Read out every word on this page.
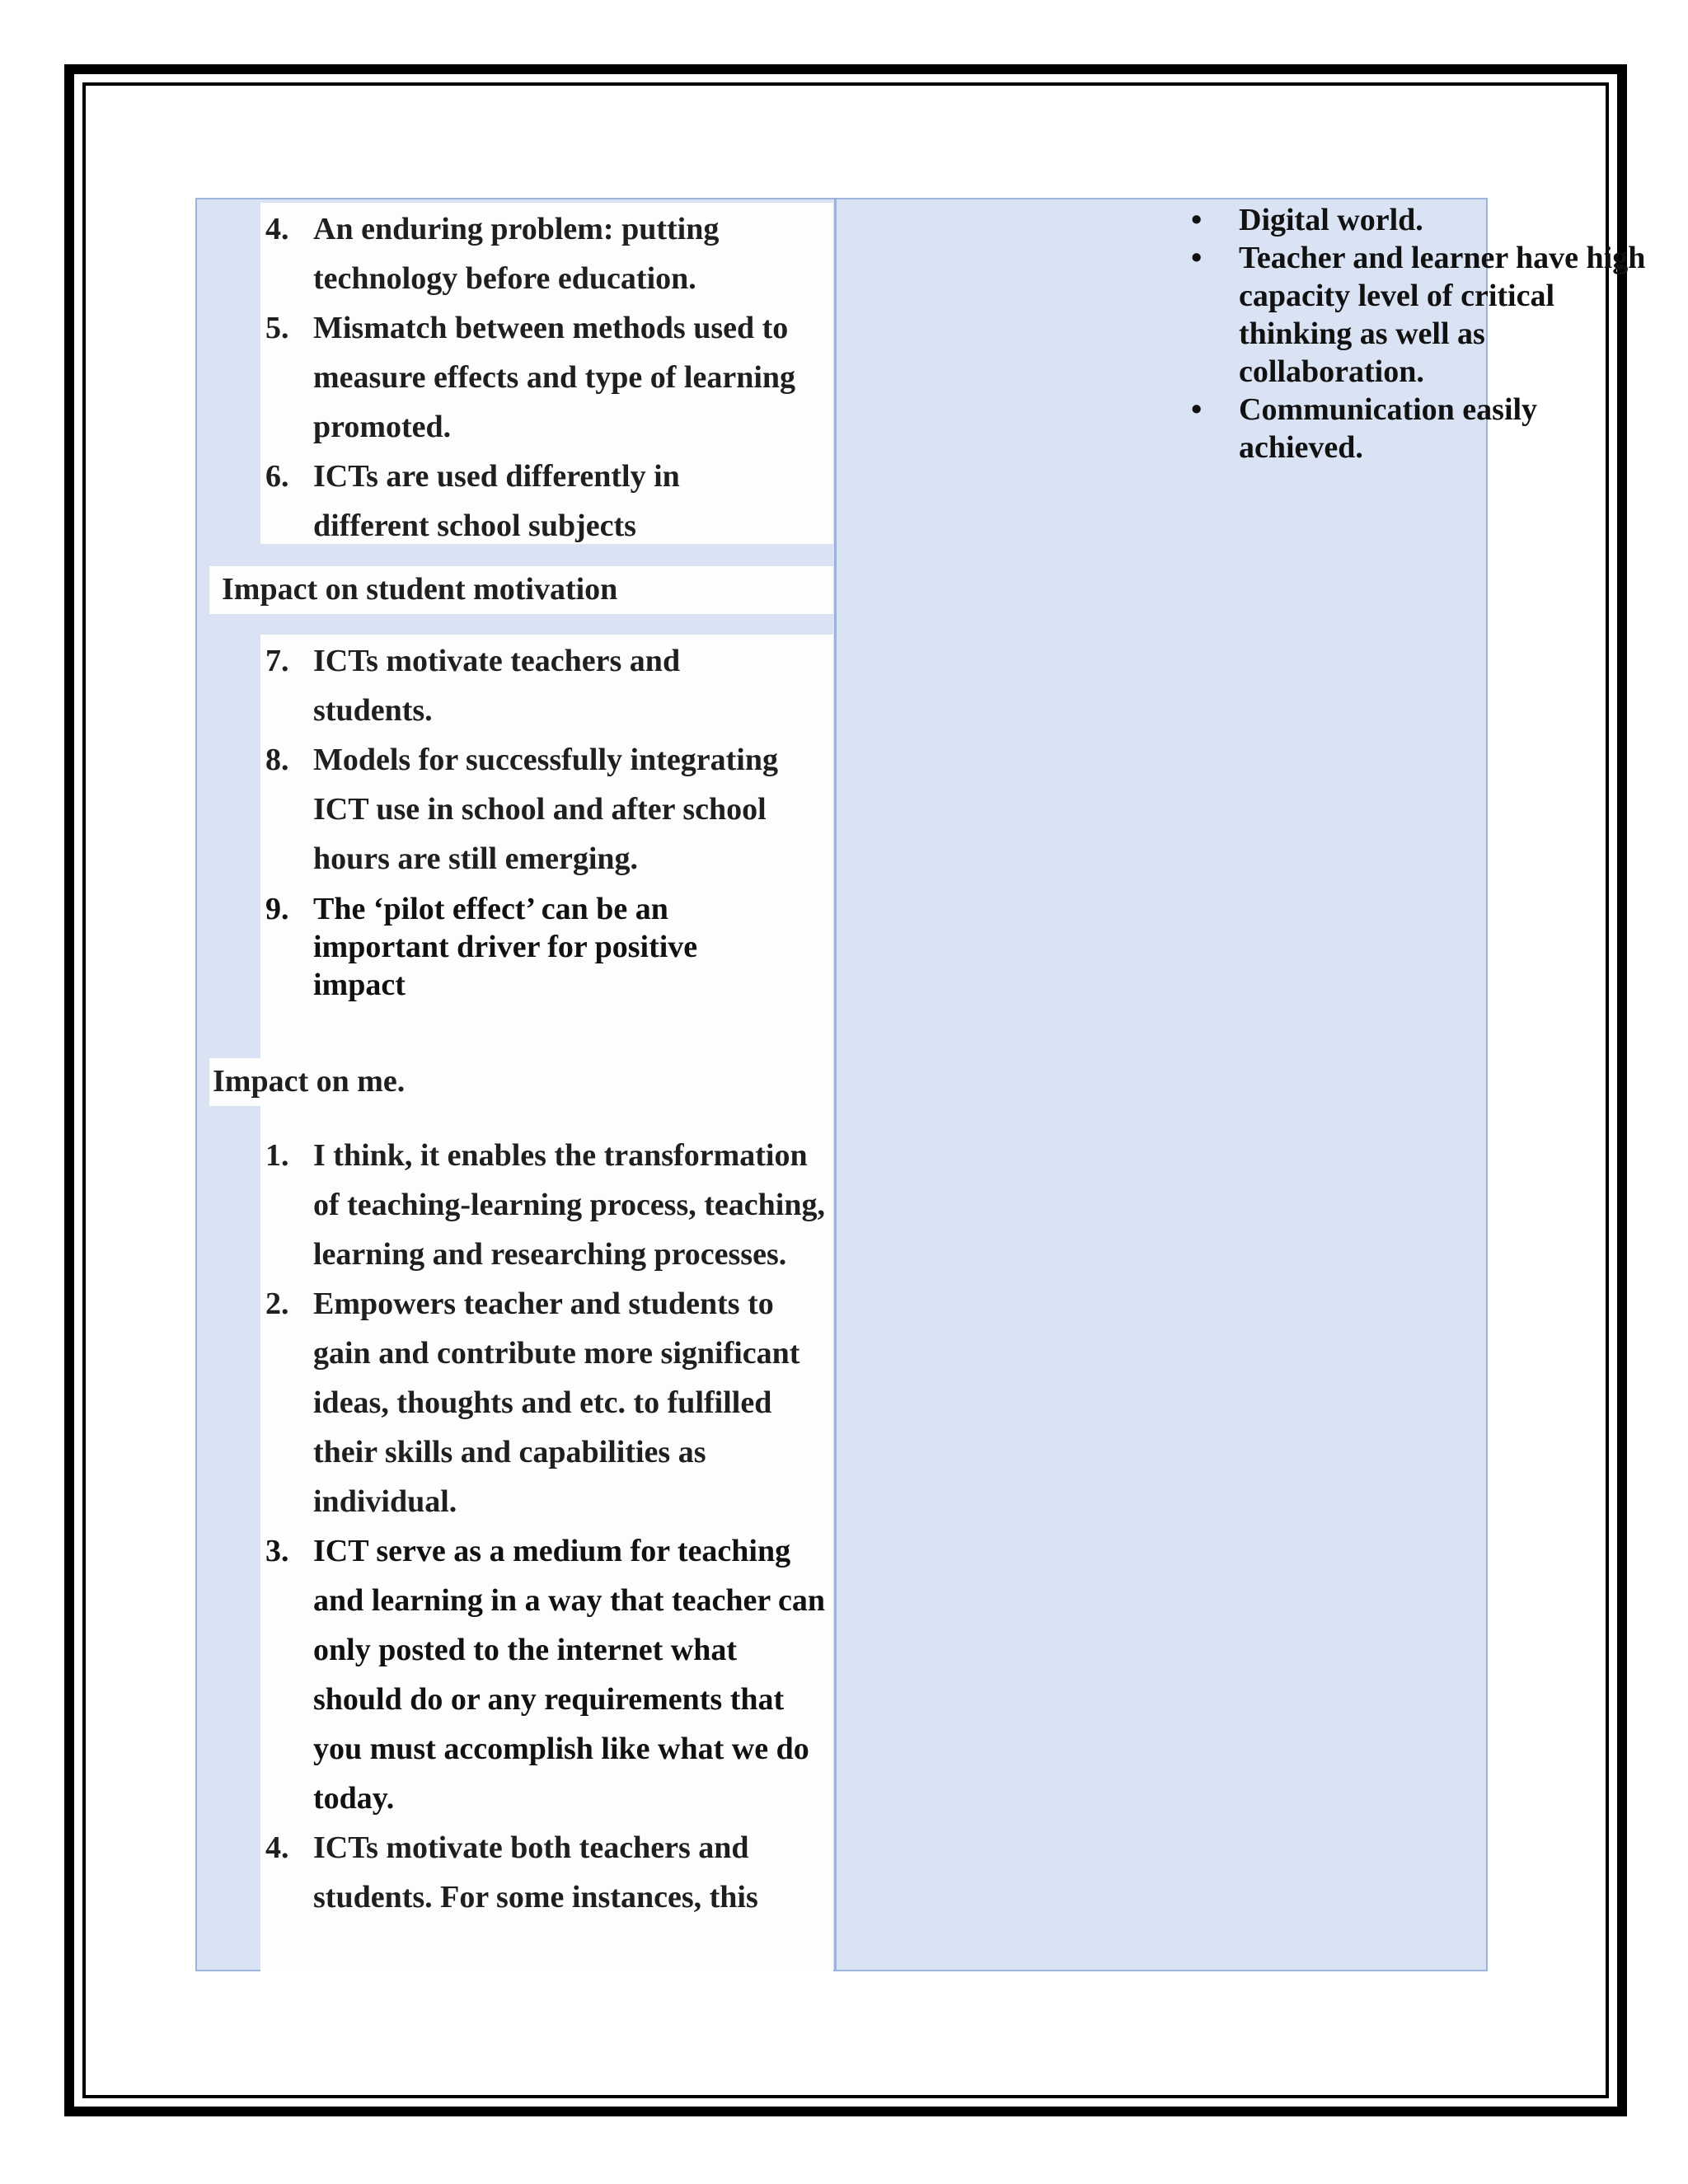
4. An enduring problem: putting technology before education.
5. Mismatch between methods used to measure effects and type of learning promoted.
6. ICTs are used differently in different school subjects
Impact on student motivation
7. ICTs motivate teachers and students.
8. Models for successfully integrating ICT use in school and after school hours are still emerging.
9. The ‘pilot effect’ can be an important driver for positive impact
Impact on me.
1. I think, it enables the transformation of teaching-learning process, teaching, learning and researching processes.
2. Empowers teacher and students to gain and contribute more significant ideas, thoughts and etc. to fulfilled their skills and capabilities as individual.
3. ICT serve as a medium for teaching and learning in a way that teacher can only posted to the internet what should do or any requirements that you must accomplish like what we do today.
4. ICTs motivate both teachers and students. For some instances, this
• Digital world.
• Teacher and learner have high capacity level of critical thinking as well as collaboration.
• Communication easily achieved.
